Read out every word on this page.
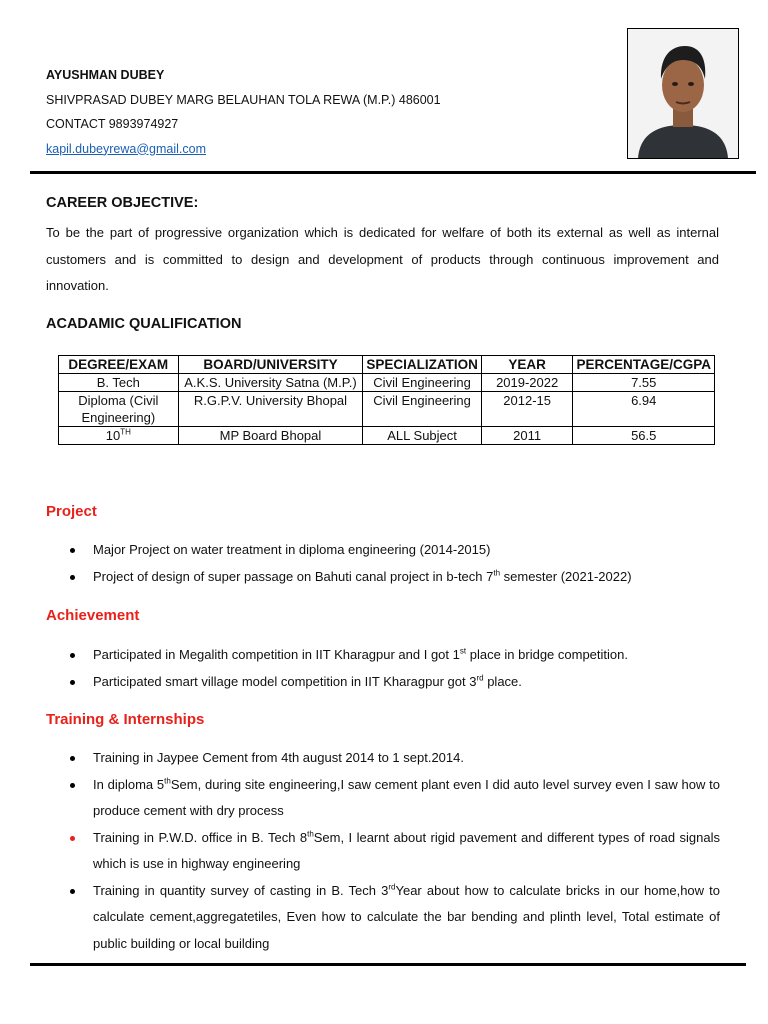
AYUSHMAN DUBEY
SHIVPRASAD DUBEY MARG BELAUHAN TOLA REWA (M.P.) 486001
CONTACT 9893974927
kapil.dubeyrewa@gmail.com
CAREER OBJECTIVE:
To be the part of progressive organization which is dedicated for welfare of both its external as well as internal customers and is committed to design and development of products through continuous improvement and innovation.
ACADAMIC QUALIFICATION
DEGREE/EXAM	BOARD/UNIVERSITY	SPECIALIZATION	YEAR	PERCENTAGE/CGPA
B. Tech	A.K.S. University Satna (M.P.)	Civil Engineering	2019-2022	7.55
Diploma (Civil Engineering)	R.G.P.V. University Bhopal	Civil Engineering	2012-15	6.94
10TH	MP Board Bhopal	ALL Subject	2011	56.5
Project
Major Project on water treatment in diploma engineering (2014-2015)
Project of design of super passage on Bahuti canal project in b-tech 7th semester (2021-2022)
Achievement
Participated in Megalith competition in IIT Kharagpur and I got 1st place in bridge competition.
Participated smart village model competition in IIT Kharagpur got 3rd place.
Training & Internships
Training in Jaypee Cement from 4th august 2014 to 1 sept.2014.
In diploma 5thSem, during site engineering,I saw cement plant even I did auto level survey even I saw how to produce cement with dry process
Training in P.W.D. office in B. Tech 8thSem, I learnt about rigid pavement and different types of road signals which is use in highway engineering
Training in quantity survey of casting in B. Tech 3rdYear about how to calculate bricks in our home,how to calculate cement,aggregatetiles, Even how to calculate the bar bending and plinth level, Total estimate of public building or local building
